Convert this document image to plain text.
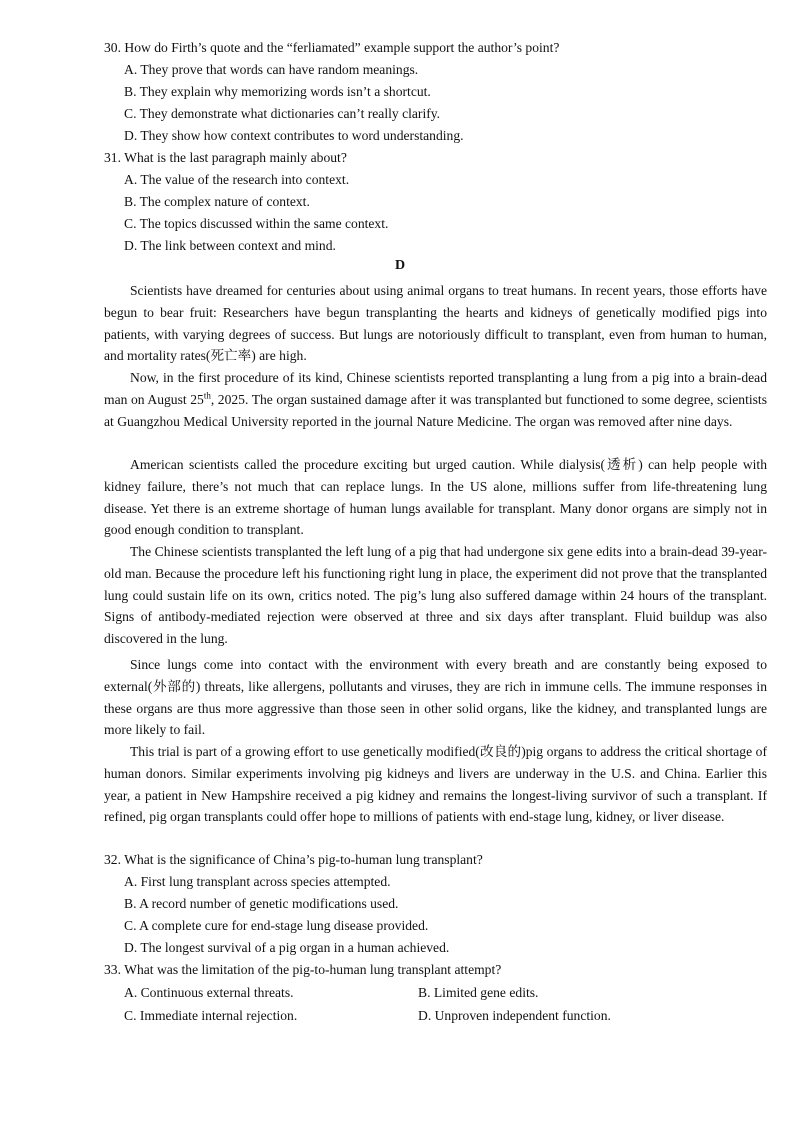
30. How do Firth’s quote and the “ferliamated” example support the author’s point?
A. They prove that words can have random meanings.
B. They explain why memorizing words isn’t a shortcut.
C. They demonstrate what dictionaries can’t really clarify.
D. They show how context contributes to word understanding.
31. What is the last paragraph mainly about?
A. The value of the research into context.
B. The complex nature of context.
C. The topics discussed within the same context.
D. The link between context and mind.
D
Scientists have dreamed for centuries about using animal organs to treat humans. In recent years, those efforts have begun to bear fruit: Researchers have begun transplanting the hearts and kidneys of genetically modified pigs into patients, with varying degrees of success. But lungs are notoriously difficult to transplant, even from human to human, and mortality rates(死亡率) are high.
Now, in the first procedure of its kind, Chinese scientists reported transplanting a lung from a pig into a brain-dead man on August 25th, 2025. The organ sustained damage after it was transplanted but functioned to some degree, scientists at Guangzhou Medical University reported in the journal Nature Medicine. The organ was removed after nine days.
American scientists called the procedure exciting but urged caution. While dialysis(透析) can help people with kidney failure, there’s not much that can replace lungs. In the US alone, millions suffer from life-threatening lung disease. Yet there is an extreme shortage of human lungs available for transplant. Many donor organs are simply not in good enough condition to transplant.
The Chinese scientists transplanted the left lung of a pig that had undergone six gene edits into a brain-dead 39-year-old man. Because the procedure left his functioning right lung in place, the experiment did not prove that the transplanted lung could sustain life on its own, critics noted. The pig’s lung also suffered damage within 24 hours of the transplant. Signs of antibody-mediated rejection were observed at three and six days after transplant. Fluid buildup was also discovered in the lung.
Since lungs come into contact with the environment with every breath and are constantly being exposed to external(外部的) threats, like allergens, pollutants and viruses, they are rich in immune cells. The immune responses in these organs are thus more aggressive than those seen in other solid organs, like the kidney, and transplanted lungs are more likely to fail.
This trial is part of a growing effort to use genetically modified(改良的)pig organs to address the critical shortage of human donors. Similar experiments involving pig kidneys and livers are underway in the U.S. and China. Earlier this year, a patient in New Hampshire received a pig kidney and remains the longest-living survivor of such a transplant. If refined, pig organ transplants could offer hope to millions of patients with end-stage lung, kidney, or liver disease.
32. What is the significance of China’s pig-to-human lung transplant?
A. First lung transplant across species attempted.
B. A record number of genetic modifications used.
C. A complete cure for end-stage lung disease provided.
D. The longest survival of a pig organ in a human achieved.
33. What was the limitation of the pig-to-human lung transplant attempt?
A. Continuous external threats.	B. Limited gene edits.
C. Immediate internal rejection.	D. Unproven independent function.
